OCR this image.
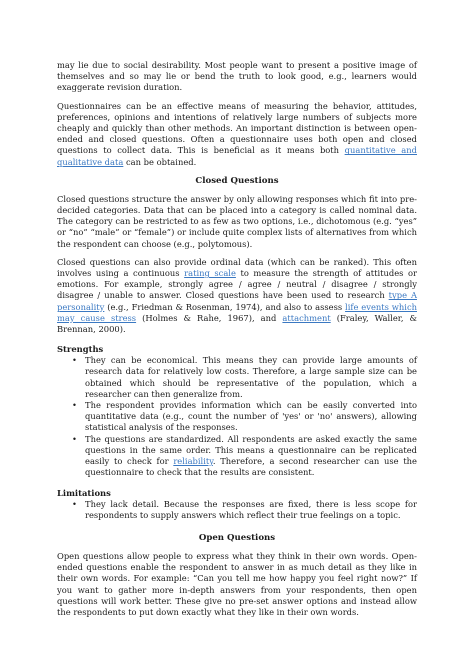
may lie due to social desirability. Most people want to present a positive image of themselves and so may lie or bend the truth to look good, e.g., learners would exaggerate revision duration.

Questionnaires can be an effective means of measuring the behavior, attitudes, preferences, opinions and intentions of relatively large numbers of subjects more cheaply and quickly than other methods. An important distinction is between open-ended and closed questions. Often a questionnaire uses both open and closed questions to collect data. This is beneficial as it means both quantitative and qualitative data can be obtained.

Closed Questions

Closed questions structure the answer by only allowing responses which fit into pre-decided categories. Data that can be placed into a category is called nominal data. The category can be restricted to as few as two options, i.e., dichotomous (e.g. “yes” or “no” “male” or “female”) or include quite complex lists of alternatives from which the respondent can choose (e.g., polytomous).

Closed questions can also provide ordinal data (which can be ranked). This often involves using a continuous rating scale to measure the strength of attitudes or emotions. For example, strongly agree / agree / neutral / disagree / strongly disagree / unable to answer. Closed questions have been used to research type A personality (e.g., Friedman & Rosenman, 1974), and also to assess life events which may cause stress (Holmes & Rahe, 1967), and attachment (Fraley, Waller, & Brennan, 2000).

Strengths
• They can be economical. This means they can provide large amounts of research data for relatively low costs. Therefore, a large sample size can be obtained which should be representative of the population, which a researcher can then generalize from.
• The respondent provides information which can be easily converted into quantitative data (e.g., count the number of 'yes' or 'no' answers), allowing statistical analysis of the responses.
• The questions are standardized. All respondents are asked exactly the same questions in the same order. This means a questionnaire can be replicated easily to check for reliability. Therefore, a second researcher can use the questionnaire to check that the results are consistent.
Limitations
• They lack detail. Because the responses are fixed, there is less scope for respondents to supply answers which reflect their true feelings on a topic.
Open Questions

Open questions allow people to express what they think in their own words. Open-ended questions enable the respondent to answer in as much detail as they like in their own words. For example: “Can you tell me how happy you feel right now?” If you want to gather more in-depth answers from your respondents, then open questions will work better. These give no pre-set answer options and instead allow the respondents to put down exactly what they like in their own words.
